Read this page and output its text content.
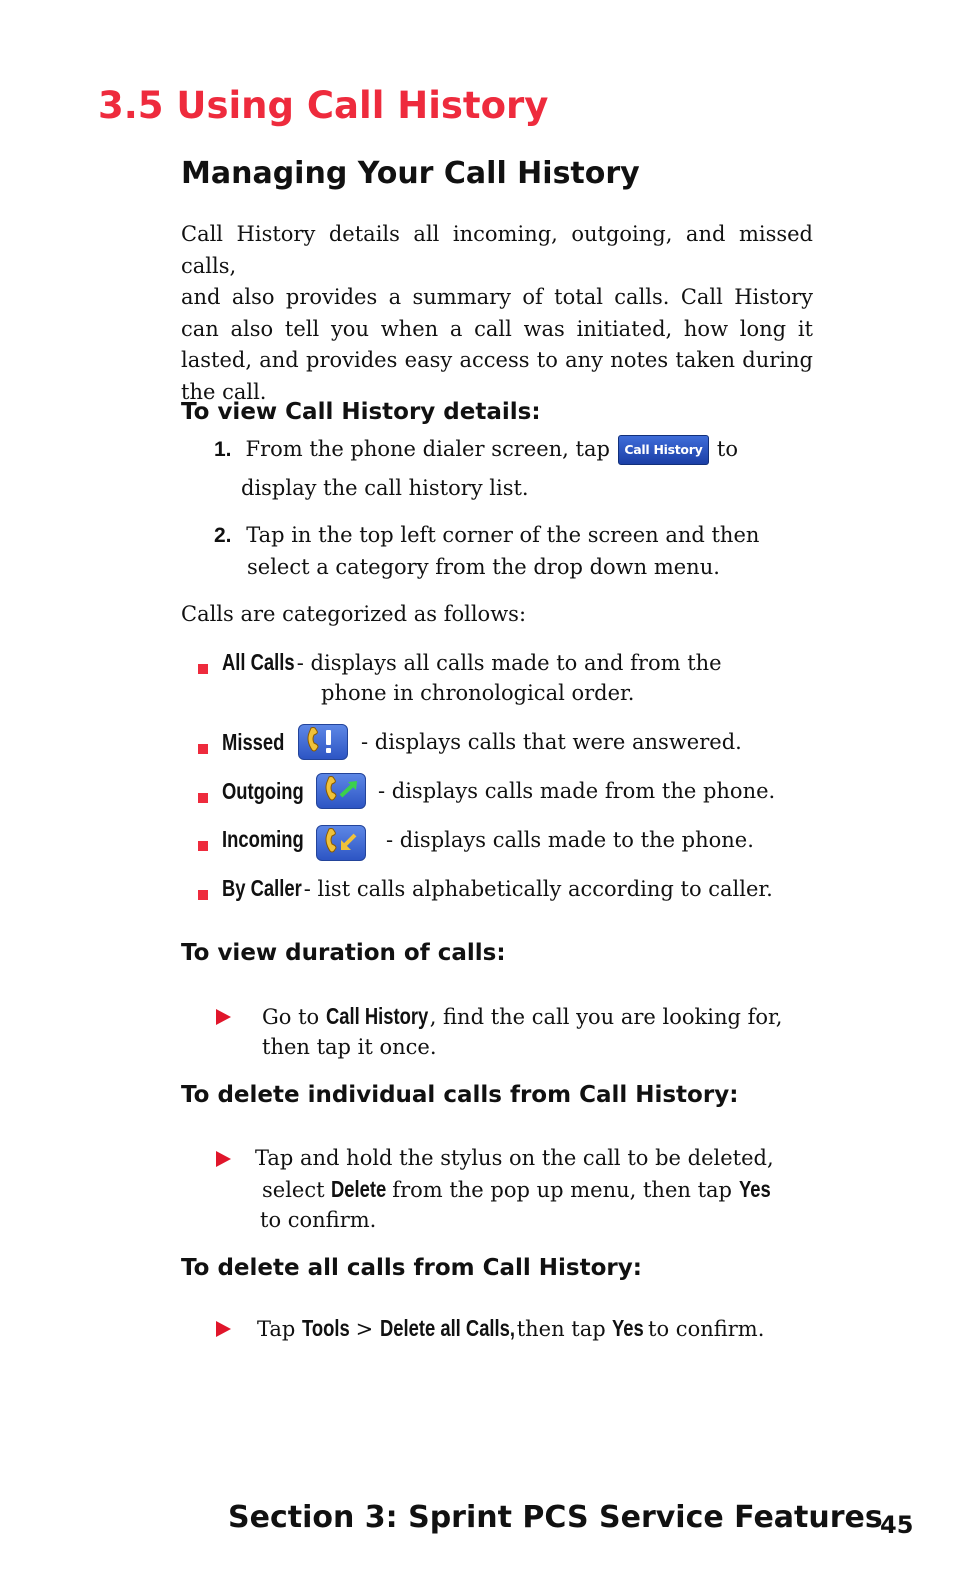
3.5 Using Call History
Managing Your Call History
Call History details all incoming, outgoing, and missed calls,
and also provides a summary of total calls. Call History
can also tell you when a call was initiated, how long it
lasted, and provides easy access to any notes taken during
the call.
To view Call History details:
1. From the phone dialer screen, tap	Call History to
display the call history list.
2. Tap in the top left corner of the screen and then
select a category from the drop down menu.
Calls are categorized as follows:
All Calls - displays all calls made to and from the
phone in chronological order.
Missed	- displays calls that were answered.
Outgoing	- displays calls made from the phone.
Incoming	- displays calls made to the phone.
By Caller- list calls alphabetically according to caller.
To view duration of calls:
Go to Call History, find the call you are looking for,
then tap it once.
To delete individual calls from Call History:
Tap and hold the stylus on the call to be deleted,
select Delete from the pop up menu, then tap Yes
to confirm.
To delete all calls from Call History:
Tap Tools > Delete all Calls,then tap Yes to confirm.
Section 3: Sprint PCS Service Features
45
